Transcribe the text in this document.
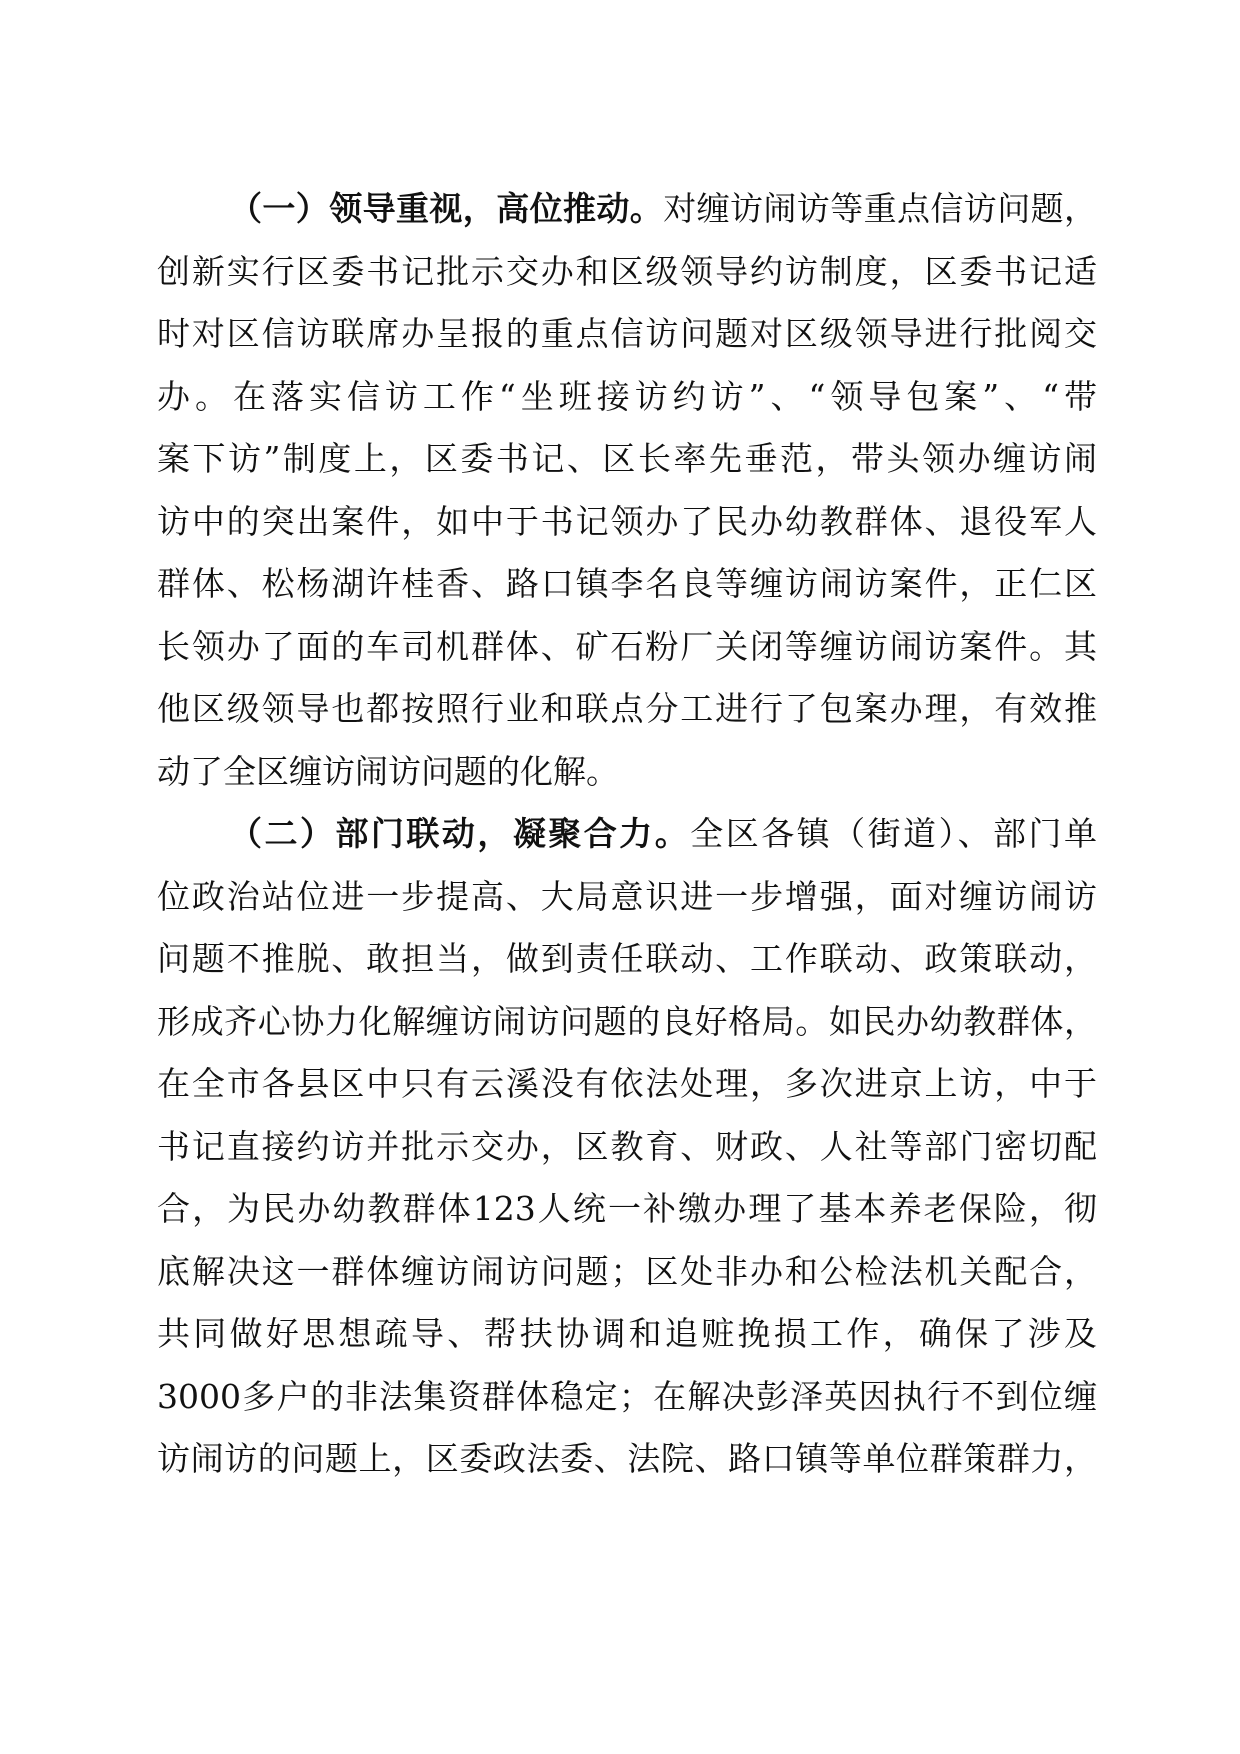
（一）领导重视，高位推动。对缠访闹访等重点信访问题，
创新实行区委书记批示交办和区级领导约访制度，区委书记适
时对区信访联席办呈报的重点信访问题对区级领导进行批阅交
办。在落实信访工作“坐班接访约访”、“领导包案”、“带
案下访”制度上，区委书记、区长率先垂范，带头领办缠访闹
访中的突出案件，如中于书记领办了民办幼教群体、退役军人
群体、松杨湖许桂香、路口镇李名良等缠访闹访案件，正仁区
长领办了面的车司机群体、矿石粉厂关闭等缠访闹访案件。其
他区级领导也都按照行业和联点分工进行了包案办理，有效推
动了全区缠访闹访问题的化解。
（二）部门联动，凝聚合力。全区各镇（街道）、部门单
位政治站位进一步提高、大局意识进一步增强，面对缠访闹访
问题不推脱、敢担当，做到责任联动、工作联动、政策联动，
形成齐心协力化解缠访闹访问题的良好格局。如民办幼教群体，
在全市各县区中只有云溪没有依法处理，多次进京上访，中于
书记直接约访并批示交办，区教育、财政、人社等部门密切配
合，为民办幼教群体123人统一补缴办理了基本养老保险，彻
底解决这一群体缠访闹访问题；区处非办和公检法机关配合，
共同做好思想疏导、帮扶协调和追赃挽损工作，确保了涉及
3000多户的非法集资群体稳定；在解决彭泽英因执行不到位缠
访闹访的问题上，区委政法委、法院、路口镇等单位群策群力，
